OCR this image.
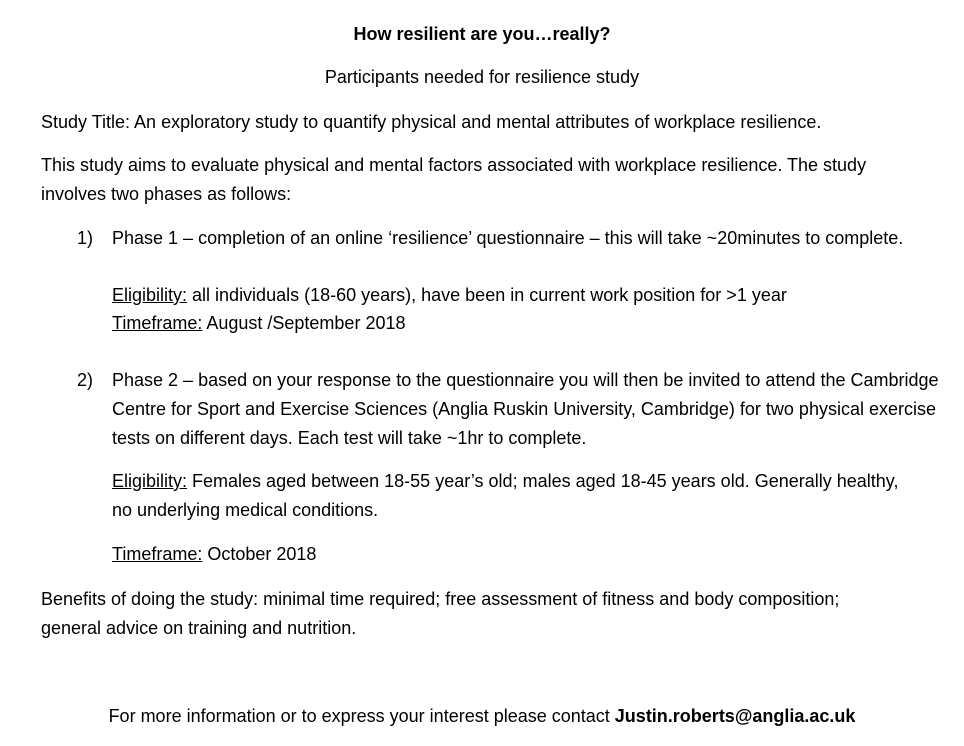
How resilient are you…really?

Participants needed for resilience study

Study Title: An exploratory study to quantify physical and mental attributes of workplace resilience.

This study aims to evaluate physical and mental factors associated with workplace resilience. The study involves two phases as follows:

1) Phase 1 – completion of an online ‘resilience’ questionnaire – this will take ~20minutes to complete.

Eligibility: all individuals (18-60 years), have been in current work position for >1 year

Timeframe: August /September 2018

2) Phase 2 – based on your response to the questionnaire you will then be invited to attend the Cambridge Centre for Sport and Exercise Sciences (Anglia Ruskin University, Cambridge) for two physical exercise tests on different days. Each test will take ~1hr to complete.

Eligibility: Females aged between 18-55 year’s old; males aged 18-45 years old. Generally healthy, no underlying medical conditions.

Timeframe: October 2018

Benefits of doing the study: minimal time required; free assessment of fitness and body composition; general advice on training and nutrition.

For more information or to express your interest please contact Justin.roberts@anglia.ac.uk
